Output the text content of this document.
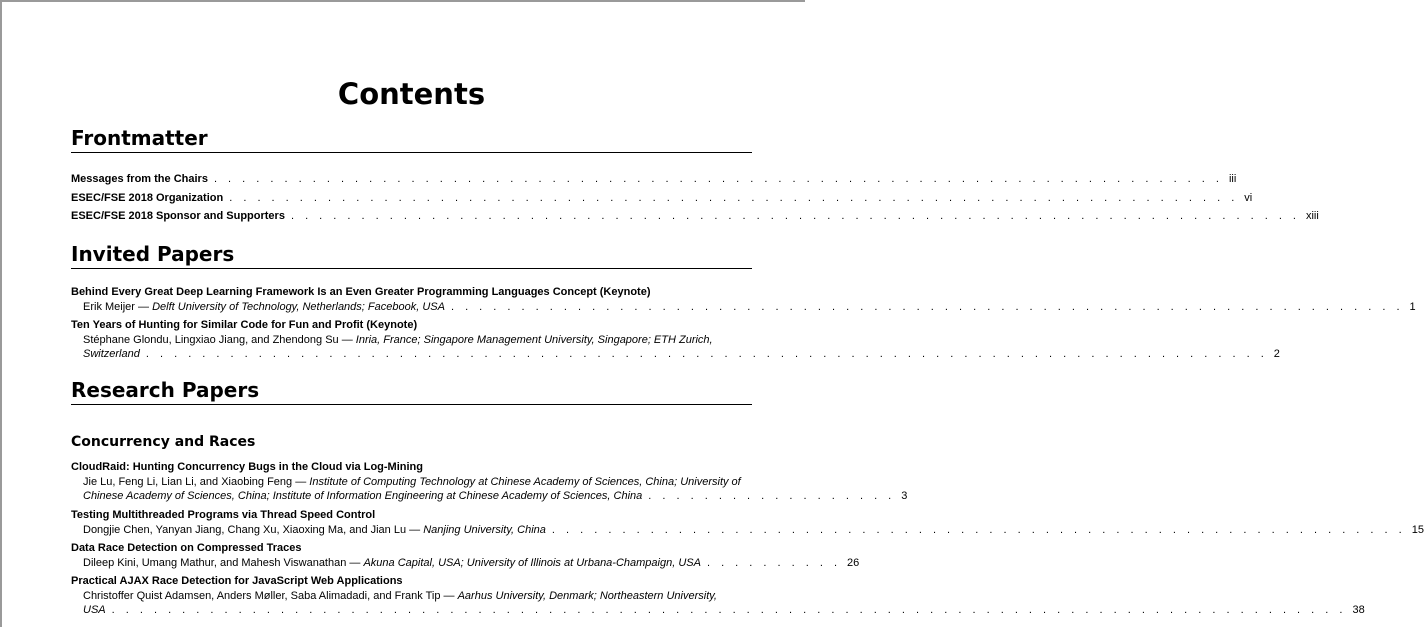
Contents
Frontmatter
Messages from the Chairs . . . . . . . . . . . . . . . . . . . . . . . . . . . . . . . . . . . . . . . . . . . . . . . . . . . . . . . . . . . . . . . . . . . . . . . . iii
ESEC/FSE 2018 Organization . . . . . . . . . . . . . . . . . . . . . . . . . . . . . . . . . . . . . . . . . . . . . . . . . . . . . . . . . . . . . . . . . . . . . . . . vi
ESEC/FSE 2018 Sponsor and Supporters . . . . . . . . . . . . . . . . . . . . . . . . . . . . . . . . . . . . . . . . . . . . . . . . . . . . . . . . . . . . . . . . . . . . . . . . xiii
Invited Papers
Behind Every Great Deep Learning Framework Is an Even Greater Programming Languages Concept (Keynote)
Erik Meijer — Delft University of Technology, Netherlands; Facebook, USA . . . . . . . . . . . . . . . . . . . . . . . . . . . . . . . . . . . . . . . . . . . . . . . . . . . . . . . . . . . . . . . . . . . . 1
Ten Years of Hunting for Similar Code for Fun and Profit (Keynote)
Stéphane Glondu, Lingxiao Jiang, and Zhendong Su — Inria, France; Singapore Management University, Singapore; ETH Zurich,
Switzerland . . . . . . . . . . . . . . . . . . . . . . . . . . . . . . . . . . . . . . . . . . . . . . . . . . . . . . . . . . . . . . . . . . . . . . . . . . . . . . . . 2
Research Papers
Concurrency and Races
CloudRaid: Hunting Concurrency Bugs in the Cloud via Log-Mining
Jie Lu, Feng Li, Lian Li, and Xiaobing Feng — Institute of Computing Technology at Chinese Academy of Sciences, China; University of
Chinese Academy of Sciences, China; Institute of Information Engineering at Chinese Academy of Sciences, China . . . . . . . . . . . . . . . . . . 3
Testing Multithreaded Programs via Thread Speed Control
Dongjie Chen, Yanyan Jiang, Chang Xu, Xiaoxing Ma, and Jian Lu — Nanjing University, China . . . . . . . . . . . . . . . . . . . . . . . . . . . . . . . . . . . . . . . . . . . . . . . . . . . . . . . . . . . . . 15
Data Race Detection on Compressed Traces
Dileep Kini, Umang Mathur, and Mahesh Viswanathan — Akuna Capital, USA; University of Illinois at Urbana-Champaign, USA . . . . . . . . . . 26
Practical AJAX Race Detection for JavaScript Web Applications
Christoffer Quist Adamsen, Anders Møller, Saba Alimadadi, and Frank Tip — Aarhus University, Denmark; Northeastern University,
USA . . . . . . . . . . . . . . . . . . . . . . . . . . . . . . . . . . . . . . . . . . . . . . . . . . . . . . . . . . . . . . . . . . . . . . . . . . . . . . . . . . . . . . . . 38
